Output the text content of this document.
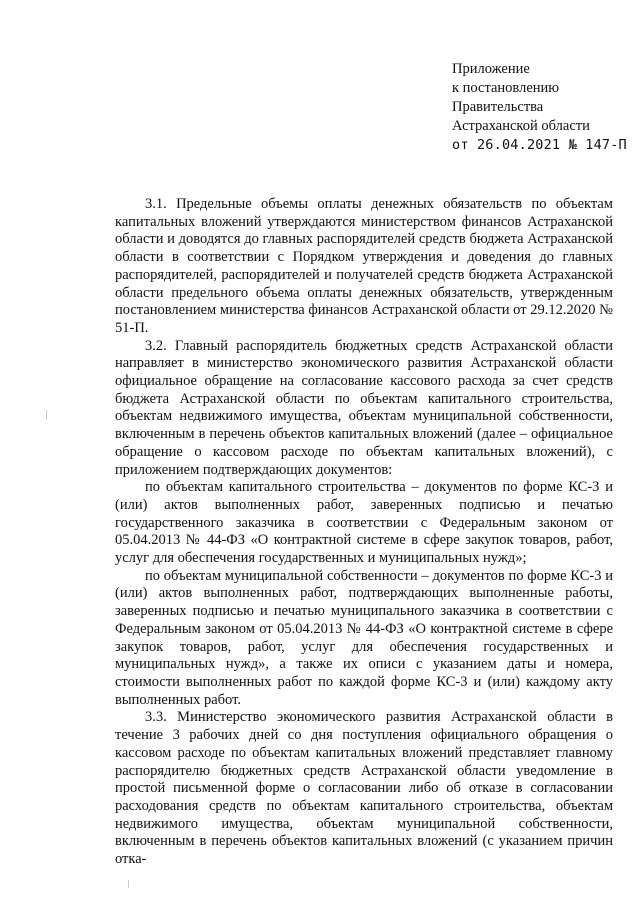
Приложение
к постановлению
Правительства
Астраханской области
от 26.04.2021 № 147-П

3.1. Предельные объемы оплаты денежных обязательств по объектам капитальных вложений утверждаются министерством финансов Астраханской области и доводятся до главных распорядителей средств бюджета Астраханской области в соответствии с Порядком утверждения и доведения до главных распорядителей, распорядителей и получателей средств бюджета Астраханской области предельного объема оплаты денежных обязательств, утвержденным постановлением министерства финансов Астраханской области от 29.12.2020 № 51-П.

3.2. Главный распорядитель бюджетных средств Астраханской области направляет в министерство экономического развития Астраханской области официальное обращение на согласование кассового расхода за счет средств бюджета Астраханской области по объектам капитального строительства, объектам недвижимого имущества, объектам муниципальной собственности, включенным в перечень объектов капитальных вложений (далее – официальное обращение о кассовом расходе по объектам капитальных вложений), с приложением подтверждающих документов:

по объектам капитального строительства – документов по форме КС-3 и (или) актов выполненных работ, заверенных подписью и печатью государственного заказчика в соответствии с Федеральным законом от 05.04.2013 № 44-ФЗ «О контрактной системе в сфере закупок товаров, работ, услуг для обеспечения государственных и муниципальных нужд»;

по объектам муниципальной собственности – документов по форме КС-3 и (или) актов выполненных работ, подтверждающих выполненные работы, заверенных подписью и печатью муниципального заказчика в соответствии с Федеральным законом от 05.04.2013 № 44-ФЗ «О контрактной системе в сфере закупок товаров, работ, услуг для обеспечения государственных и муниципальных нужд», а также их описи с указанием даты и номера, стоимости выполненных работ по каждой форме КС-3 и (или) каждому акту выполненных работ.

3.3. Министерство экономического развития Астраханской области в течение 3 рабочих дней со дня поступления официального обращения о кассовом расходе по объектам капитальных вложений представляет главному распорядителю бюджетных средств Астраханской области уведомление в простой письменной форме о согласовании либо об отказе в согласовании расходования средств по объектам капитального строительства, объектам недвижимого имущества, объектам муниципальной собственности, включенным в перечень объектов капитальных вложений (с указанием причин отка-
